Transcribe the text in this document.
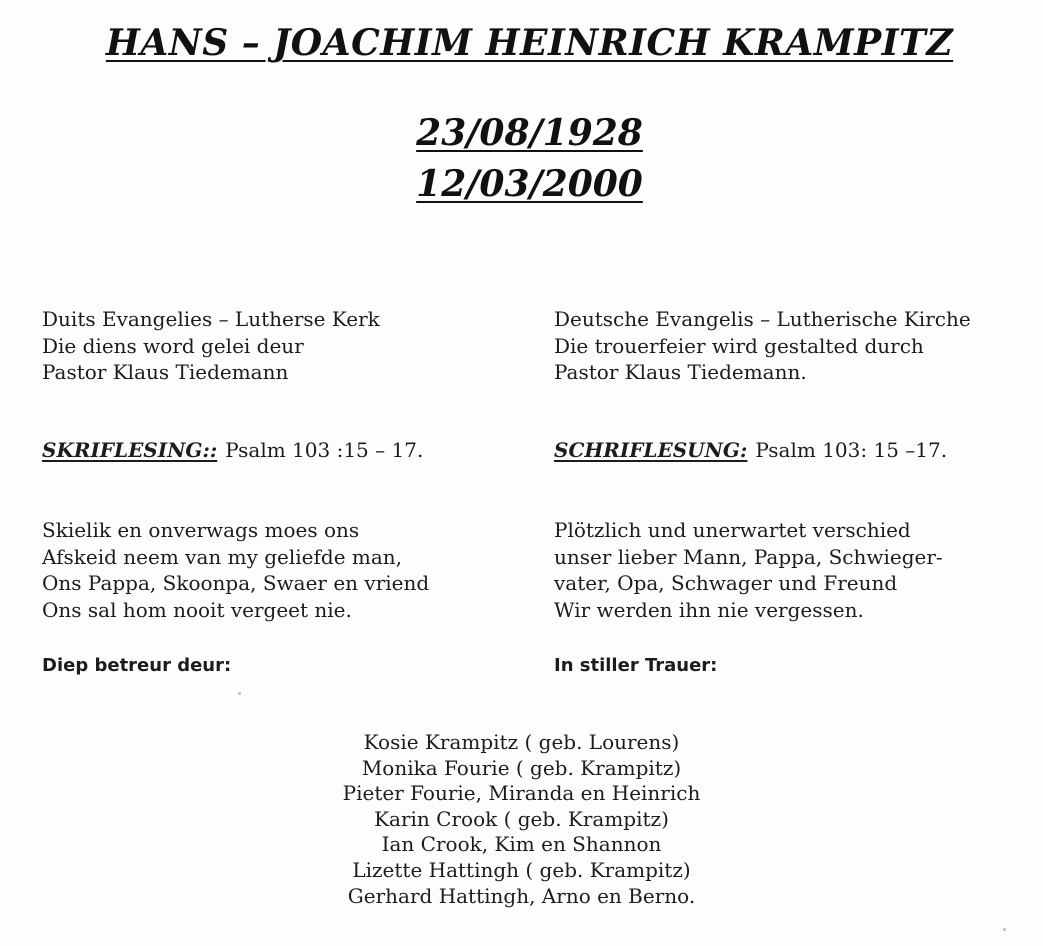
HANS – JOACHIM HEINRICH KRAMPITZ
23/08/1928
12/03/2000
Duits Evangelies – Lutherse Kerk
Die diens word gelei deur
Pastor Klaus Tiedemann
SKRIFLESING:: Psalm 103 :15 – 17.
Skielik en onverwags moes ons
Afskeid neem van my geliefde man,
Ons Pappa, Skoonpa, Swaer en vriend
Ons sal hom nooit vergeet nie.
Diep betreur deur:
Deutsche Evangelis – Lutherische Kirche
Die trouerfeier wird gestalted durch
Pastor Klaus Tiedemann.
SCHRIFLESUNG: Psalm 103: 15 –17.
Plötzlich und unerwartet verschied
unser lieber Mann, Pappa, Schwieger-
vater, Opa, Schwager und Freund
Wir werden ihn nie vergessen.
In stiller Trauer:
Kosie Krampitz ( geb. Lourens)
Monika Fourie ( geb. Krampitz)
Pieter Fourie, Miranda en Heinrich
Karin Crook ( geb. Krampitz)
Ian Crook, Kim en Shannon
Lizette Hattingh ( geb. Krampitz)
Gerhard Hattingh, Arno en Berno.
